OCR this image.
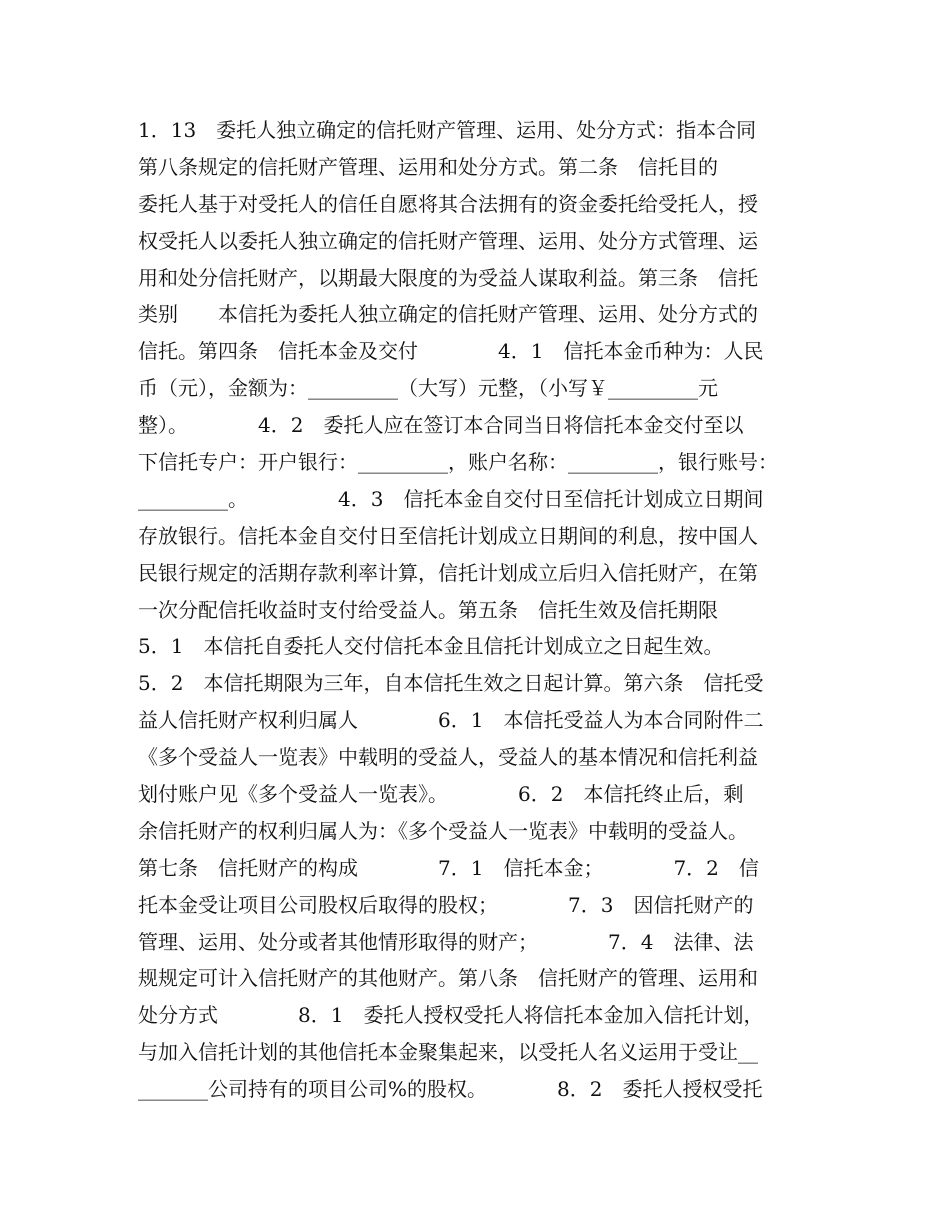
1．13　委托人独立确定的信托财产管理、运用、处分方式：指本合同
第八条规定的信托财产管理、运用和处分方式。第二条　信托目的
委托人基于对受托人的信任自愿将其合法拥有的资金委托给受托人，授
权受托人以委托人独立确定的信托财产管理、运用、处分方式管理、运
用和处分信托财产，以期最大限度的为受益人谋取利益。第三条　信托
类别　　本信托为委托人独立确定的信托财产管理、运用、处分方式的
信托。第四条　信托本金及交付　　　　4．1　信托本金币种为：人民
币（元），金额为：_________（大写）元整，（小写￥_________元
整）。　　　　4．2　委托人应在签订本合同当日将信托本金交付至以
下信托专户：开户银行：_________，账户名称：_________，银行账号：
_________。　　　　　4．3　信托本金自交付日至信托计划成立日期间
存放银行。信托本金自交付日至信托计划成立日期间的利息，按中国人
民银行规定的活期存款利率计算，信托计划成立后归入信托财产，在第
一次分配信托收益时支付给受益人。第五条　信托生效及信托期限
5．1　本信托自委托人交付信托本金且信托计划成立之日起生效。
5．2　本信托期限为三年，自本信托生效之日起计算。第六条　信托受
益人信托财产权利归属人　　　　6．1　本信托受益人为本合同附件二
《多个受益人一览表》中载明的受益人，受益人的基本情况和信托利益
划付账户见《多个受益人一览表》。　　　　6．2　本信托终止后，剩
余信托财产的权利归属人为：《多个受益人一览表》中载明的受益人。
第七条　信托财产的构成　　　　7．1　信托本金；　　　　7．2　信
托本金受让项目公司股权后取得的股权；　　　　7．3　因信托财产的
管理、运用、处分或者其他情形取得的财产；　　　　7．4　法律、法
规规定可计入信托财产的其他财产。第八条　信托财产的管理、运用和
处分方式　　　　8．1　委托人授权受托人将信托本金加入信托计划，
与加入信托计划的其他信托本金聚集起来，以受托人名义运用于受让__
_______公司持有的项目公司%的股权。　　　　8．2　委托人授权受托
